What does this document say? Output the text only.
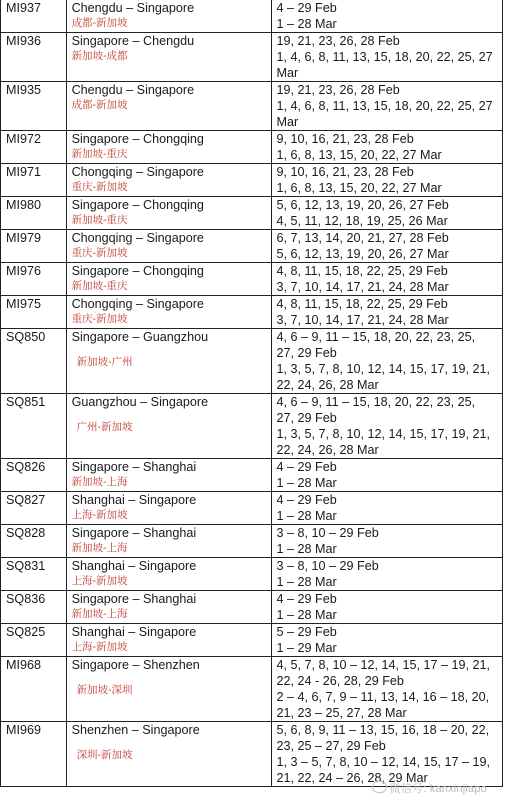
MI937	Chengdu – Singapore
成都-新加坡	4 – 29 Feb
1 – 28 Mar

MI936	Singapore – Chengdu
新加坡-成都	19, 21, 23, 26, 28 Feb
1, 4, 6, 8, 11, 13, 15, 18, 20, 22, 25, 27
Mar

MI935	Chengdu – Singapore
成都-新加坡	19, 21, 23, 26, 28 Feb
1, 4, 6, 8, 11, 13, 15, 18, 20, 22, 25, 27
Mar

MI972	Singapore – Chongqing
新加坡-重庆	9, 10, 16, 21, 23, 28 Feb
1, 6, 8, 13, 15, 20, 22, 27 Mar

MI971	Chongqing – Singapore
重庆-新加坡	9, 10, 16, 21, 23, 28 Feb
1, 6, 8, 13, 15, 20, 22, 27 Mar

MI980	Singapore – Chongqing
新加坡-重庆	5, 6, 12, 13, 19, 20, 26, 27 Feb
4, 5, 11, 12, 18, 19, 25, 26 Mar

MI979	Chongqing – Singapore
重庆-新加坡	6, 7, 13, 14, 20, 21, 27, 28 Feb
5, 6, 12, 13, 19, 20, 26, 27 Mar

MI976	Singapore – Chongqing
新加坡-重庆	4, 8, 11, 15, 18, 22, 25, 29 Feb
3, 7, 10, 14, 17, 21, 24, 28 Mar

MI975	Chongqing – Singapore
重庆-新加坡	4, 8, 11, 15, 18, 22, 25, 29 Feb
3, 7, 10, 14, 17, 21, 24, 28 Mar

SQ850	Singapore – Guangzhou
新加坡-广州	4, 6 – 9, 11 – 15, 18, 20, 22, 23, 25,
27, 29 Feb
1, 3, 5, 7, 8, 10, 12, 14, 15, 17, 19, 21,
22, 24, 26, 28 Mar

SQ851	Guangzhou – Singapore
广州-新加坡	4, 6 – 9, 11 – 15, 18, 20, 22, 23, 25,
27, 29 Feb
1, 3, 5, 7, 8, 10, 12, 14, 15, 17, 19, 21,
22, 24, 26, 28 Mar

SQ826	Singapore – Shanghai
新加坡-上海	4 – 29 Feb
1 – 28 Mar

SQ827	Shanghai – Singapore
上海-新加坡	4 – 29 Feb
1 – 28 Mar

SQ828	Singapore – Shanghai
新加坡-上海	3 – 8, 10 – 29 Feb
1 – 28 Mar

SQ831	Shanghai – Singapore
上海-新加坡	3 – 8, 10 – 29 Feb
1 – 28 Mar

SQ836	Singapore – Shanghai
新加坡-上海	4 – 29 Feb
1 – 28 Mar

SQ825	Shanghai – Singapore
上海-新加坡	5 – 29 Feb
1 – 29 Mar

MI968	Singapore – Shenzhen
新加坡-深圳	4, 5, 7, 8, 10 – 12, 14, 15, 17 – 19, 21,
22, 24 - 26, 28, 29 Feb
2 – 4, 6, 7, 9 – 11, 13, 14, 16 – 18, 20,
21, 23 – 25, 27, 28 Mar

MI969	Shenzhen – Singapore
深圳-新加坡	5, 6, 8, 9, 11 – 13, 15, 16, 18 – 20, 22,
23, 25 – 27, 29 Feb
1, 3 – 5, 7, 8, 10 – 12, 14, 15, 17 – 19,
21, 22, 24 – 26, 28, 29 Mar
微信号: kanxinjiapo
